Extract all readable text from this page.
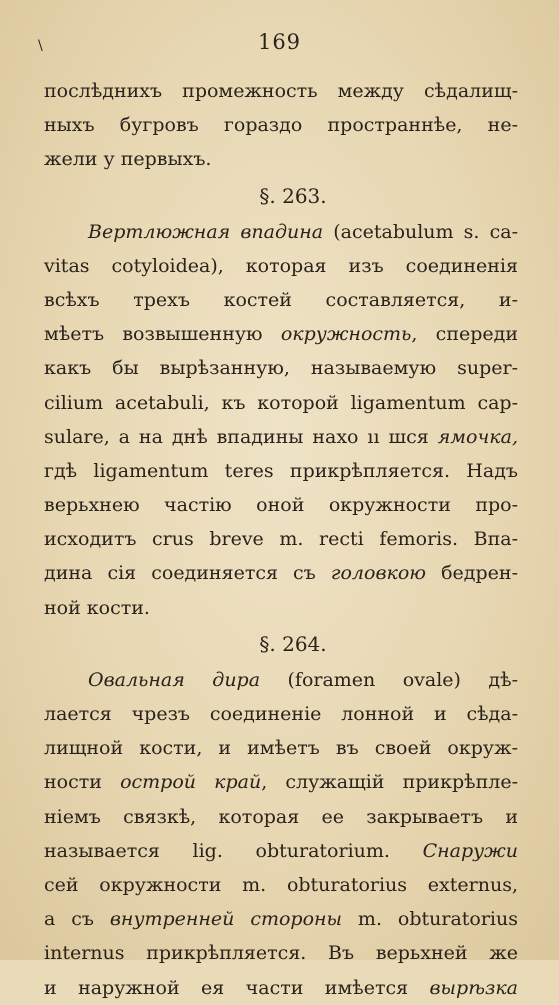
\	169
послѣднихъ промежность между сѣдалищ-
ныхъ бугровъ гораздо пространнѣе, не-
жели у первыхъ.
§. 263.
Вертлюжная впадина (acetabulum s. ca-
vitas cotyloidea), которая изъ соединенія
всѣхъ трехъ костей составляется, и-
мѣетъ возвышенную окружность, спереди
какъ бы вырѣзанную, называемую super-
cilium acetabuli, къ которой ligamentum cap-
sulare, а на днѣ впадины нахо ıı шся ямочка,
гдѣ ligamentum teres прикрѣпляется. Надъ
верьхнею частію оной окружности про-
исходитъ crus breve m. recti femoris. Впа-
дина сія соединяется съ головкою бедрен-
ной кости.
§. 264.
Овальная дира (foramen ovale) дѣ-
лается чрезъ соединеніе лонной и сѣда-
лищной кости, и имѣетъ въ своей окруж-
ности острой край, служащій прикрѣпле-
ніемъ связкѣ, которая ее закрываетъ и
называется lig. obturatorium. Снаружи
сей окружности m. obturatorius externus,
а съ внутренней стороны m. obturatorius
internus прикрѣпляется. Въ верьхней же
и наружной ея части имѣется вырѣзка
